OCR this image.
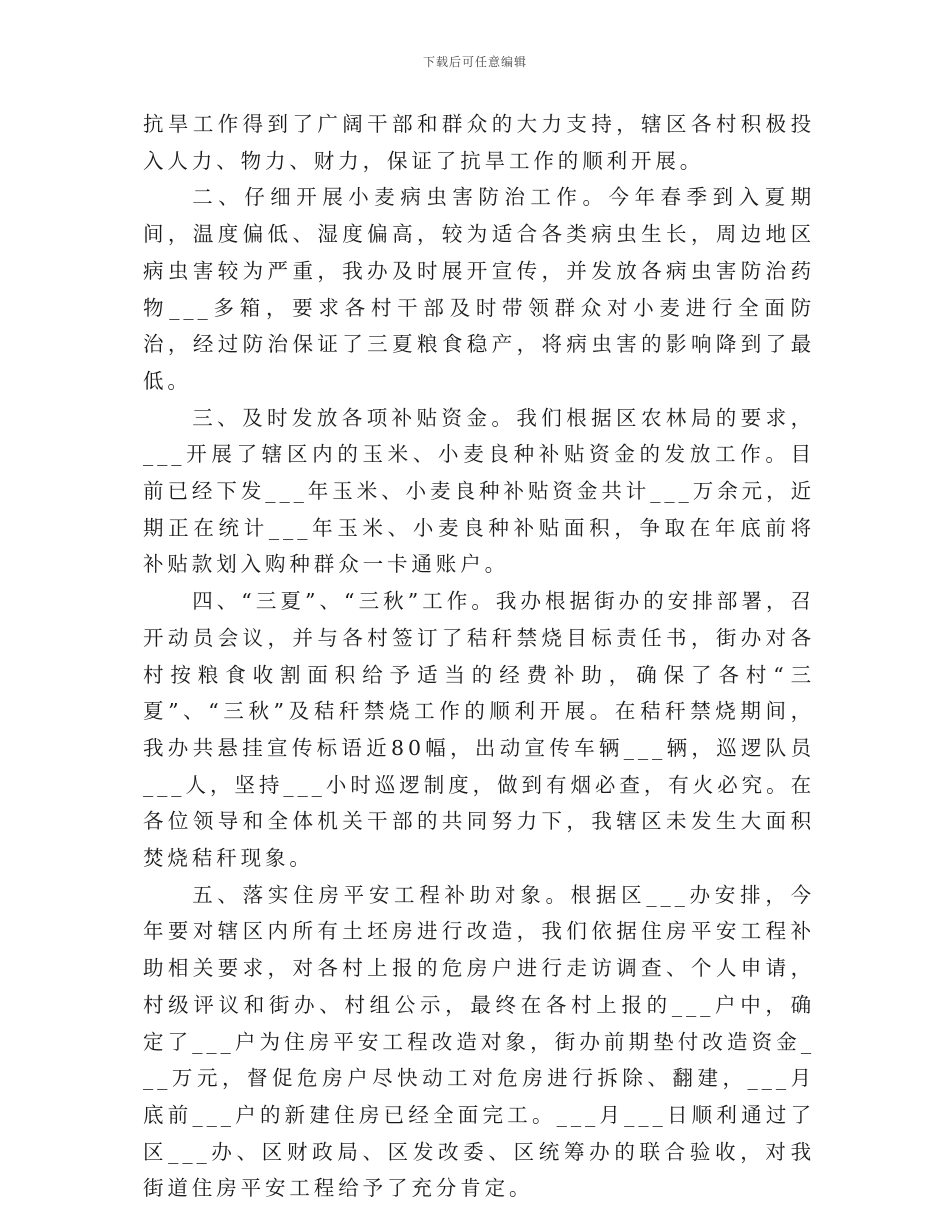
下载后可任意编辑

抗旱工作得到了广阔干部和群众的大力支持，辖区各村积极投入人力、物力、财力，保证了抗旱工作的顺利开展。

二、仔细开展小麦病虫害防治工作。今年春季到入夏期间，温度偏低、湿度偏高，较为适合各类病虫生长，周边地区病虫害较为严重，我办及时展开宣传，并发放各病虫害防治药物___多箱，要求各村干部及时带领群众对小麦进行全面防治，经过防治保证了三夏粮食稳产，将病虫害的影响降到了最低。

三、及时发放各项补贴资金。我们根据区农林局的要求，___开展了辖区内的玉米、小麦良种补贴资金的发放工作。目前已经下发___年玉米、小麦良种补贴资金共计___万余元，近期正在统计___年玉米、小麦良种补贴面积，争取在年底前将补贴款划入购种群众一卡通账户。

四、“三夏”、“三秋”工作。我办根据街办的安排部署，召开动员会议，并与各村签订了秸秆禁烧目标责任书，街办对各村按粮食收割面积给予适当的经费补助，确保了各村“三夏”、“三秋”及秸秆禁烧工作的顺利开展。在秸秆禁烧期间，我办共悬挂宣传标语近80幅，出动宣传车辆___辆，巡逻队员___人，坚持___小时巡逻制度，做到有烟必查，有火必究。在各位领导和全体机关干部的共同努力下，我辖区未发生大面积焚烧秸秆现象。

五、落实住房平安工程补助对象。根据区___办安排，今年要对辖区内所有土坯房进行改造，我们依据住房平安工程补助相关要求，对各村上报的危房户进行走访调查、个人申请，村级评议和街办、村组公示，最终在各村上报的___户中，确定了___户为住房平安工程改造对象，街办前期垫付改造资金___万元，督促危房户尽快动工对危房进行拆除、翻建，___月底前___户的新建住房已经全面完工。___月___日顺利通过了区___办、区财政局、区发改委、区统筹办的联合验收，对我街道住房平安工程给予了充分肯定。
